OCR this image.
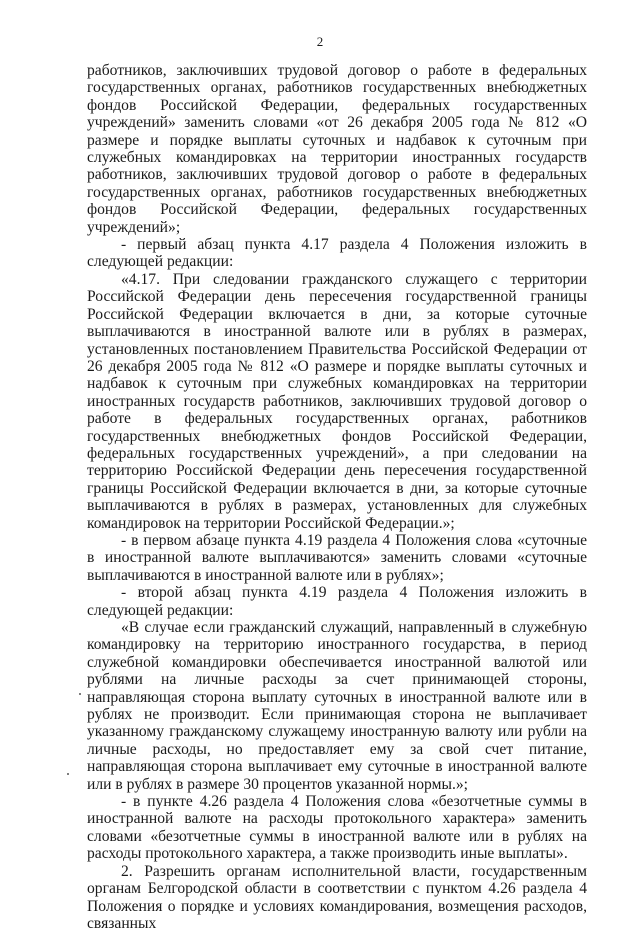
2

работников, заключивших трудовой договор о работе в федеральных государственных органах, работников государственных внебюджетных фондов Российской Федерации, федеральных государственных учреждений» заменить словами «от 26 декабря 2005 года № 812 «О размере и порядке выплаты суточных и надбавок к суточным при служебных командировках на территории иностранных государств работников, заключивших трудовой договор о работе в федеральных государственных органах, работников государственных внебюджетных фондов Российской Федерации, федеральных государственных учреждений»;

- первый абзац пункта 4.17 раздела 4 Положения изложить в следующей редакции:

«4.17. При следовании гражданского служащего с территории Российской Федерации день пересечения государственной границы Российской Федерации включается в дни, за которые суточные выплачиваются в иностранной валюте или в рублях в размерах, установленных постановлением Правительства Российской Федерации от 26 декабря 2005 года № 812 «О размере и порядке выплаты суточных и надбавок к суточным при служебных командировках на территории иностранных государств работников, заключивших трудовой договор о работе в федеральных государственных органах, работников государственных внебюджетных фондов Российской Федерации, федеральных государственных учреждений», а при следовании на территорию Российской Федерации день пересечения государственной границы Российской Федерации включается в дни, за которые суточные выплачиваются в рублях в размерах, установленных для служебных командировок на территории Российской Федерации.»;

- в первом абзаце пункта 4.19 раздела 4 Положения слова «суточные в иностранной валюте выплачиваются» заменить словами «суточные выплачиваются в иностранной валюте или в рублях»;

- второй абзац пункта 4.19 раздела 4 Положения изложить в следующей редакции:

«В случае если гражданский служащий, направленный в служебную командировку на территорию иностранного государства, в период служебной командировки обеспечивается иностранной валютой или рублями на личные расходы за счет принимающей стороны, направляющая сторона выплату суточных в иностранной валюте или в рублях не производит. Если принимающая сторона не выплачивает указанному гражданскому служащему иностранную валюту или рубли на личные расходы, но предоставляет ему за свой счет питание, направляющая сторона выплачивает ему суточные в иностранной валюте или в рублях в размере 30 процентов указанной нормы.»;

- в пункте 4.26 раздела 4 Положения слова «безотчетные суммы в иностранной валюте на расходы протокольного характера» заменить словами «безотчетные суммы в иностранной валюте или в рублях на расходы протокольного характера, а также производить иные выплаты».

2. Разрешить органам исполнительной власти, государственным органам Белгородской области в соответствии с пунктом 4.26 раздела 4 Положения о порядке и условиях командирования, возмещения расходов, связанных
